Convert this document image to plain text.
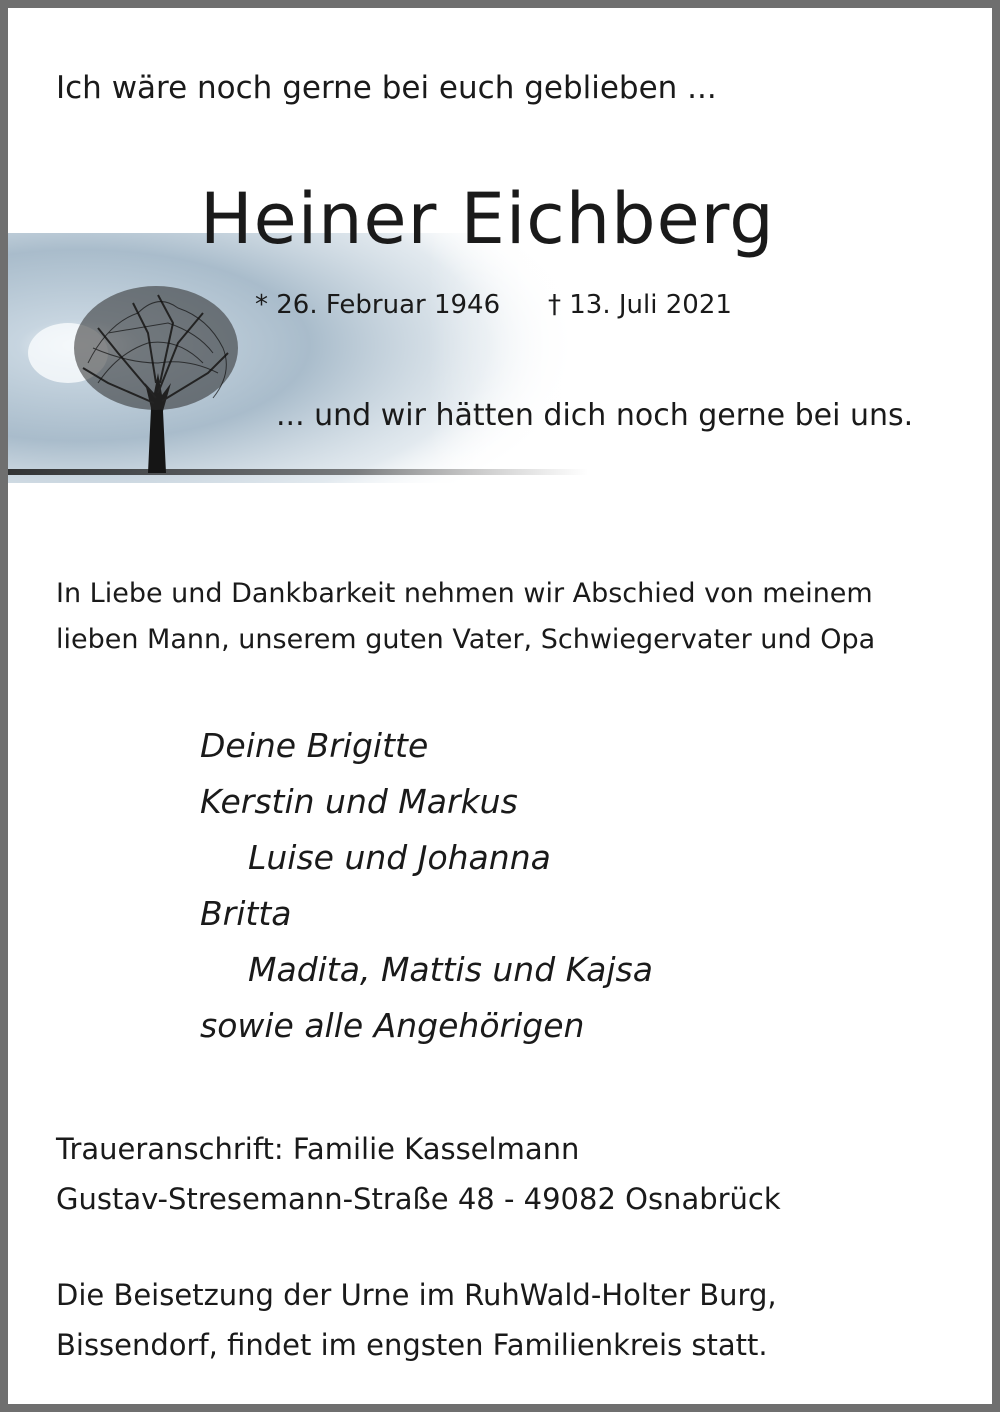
Ich wäre noch gerne bei euch geblieben ...
Heiner Eichberg
* 26. Februar 1946 † 13. Juli 2021
... und wir hätten dich noch gerne bei uns.
In Liebe und Dankbarkeit nehmen wir Abschied von meinem
lieben Mann, unserem guten Vater, Schwiegervater und Opa
Deine Brigitte
Kerstin und Markus
Luise und Johanna
Britta
Madita, Mattis und Kajsa
sowie alle Angehörigen
Traueranschrift: Familie Kasselmann
Gustav-Stresemann-Straße 48 - 49082 Osnabrück
Die Beisetzung der Urne im RuhWald-Holter Burg,
Bissendorf, findet im engsten Familienkreis statt.
